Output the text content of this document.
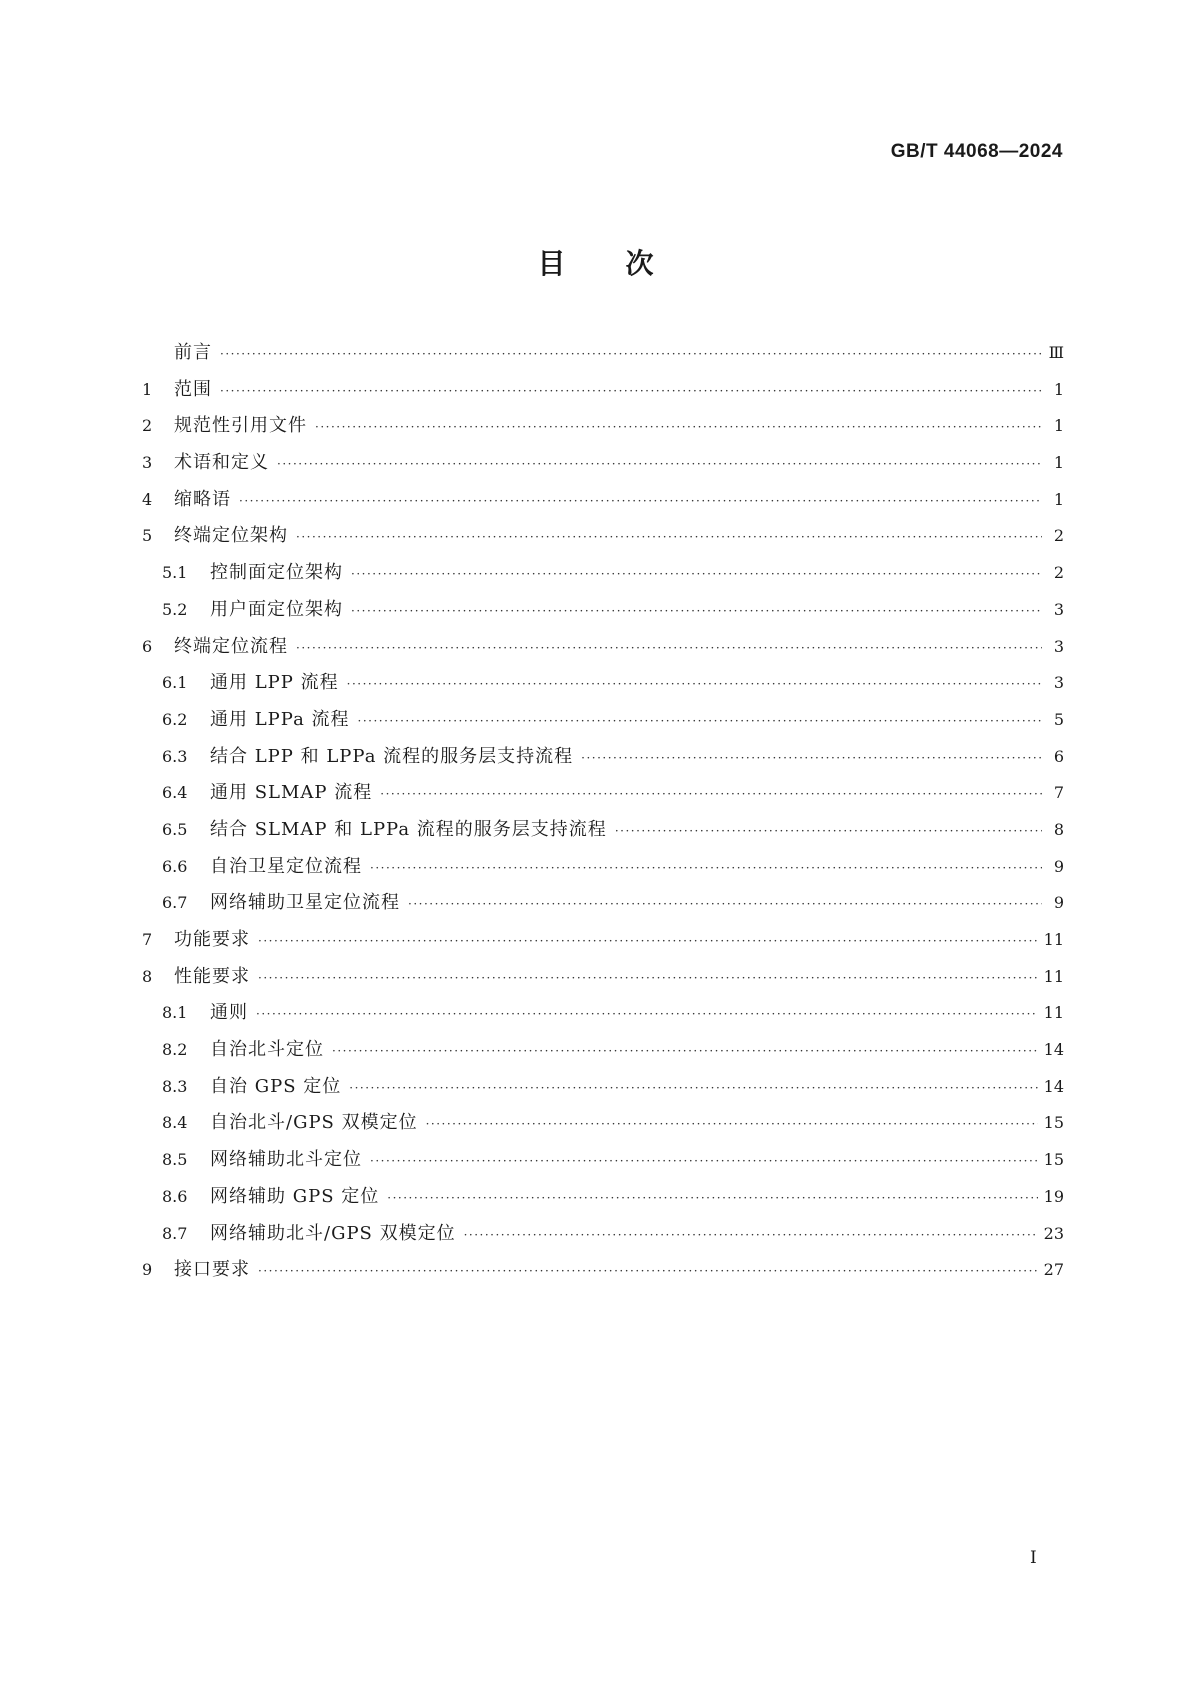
GB/T 44068—2024
目 次
前言 ·····	Ⅲ
1	范围 ·····	1
2	规范性引用文件 ·····	1
3	术语和定义 ·····	1
4	缩略语 ·····	1
5	终端定位架构 ·····	2
5.1	控制面定位架构 ·····	2
5.2	用户面定位架构 ·····	3
6	终端定位流程 ·····	3
6.1	通用 LPP 流程 ·····	3
6.2	通用 LPPa 流程 ·····	5
6.3	结合 LPP 和 LPPa 流程的服务层支持流程 ·····	6
6.4	通用 SLMAP 流程 ·····	7
6.5	结合 SLMAP 和 LPPa 流程的服务层支持流程 ·····	8
6.6	自治卫星定位流程 ·····	9
6.7	网络辅助卫星定位流程 ·····	9
7	功能要求 ·····	11
8	性能要求 ·····	11
8.1	通则 ·····	11
8.2	自治北斗定位 ·····	14
8.3	自治 GPS 定位 ·····	14
8.4	自治北斗/GPS 双模定位 ·····	15
8.5	网络辅助北斗定位 ·····	15
8.6	网络辅助 GPS 定位 ·····	19
8.7	网络辅助北斗/GPS 双模定位 ·····	23
9	接口要求 ·····	27
I
